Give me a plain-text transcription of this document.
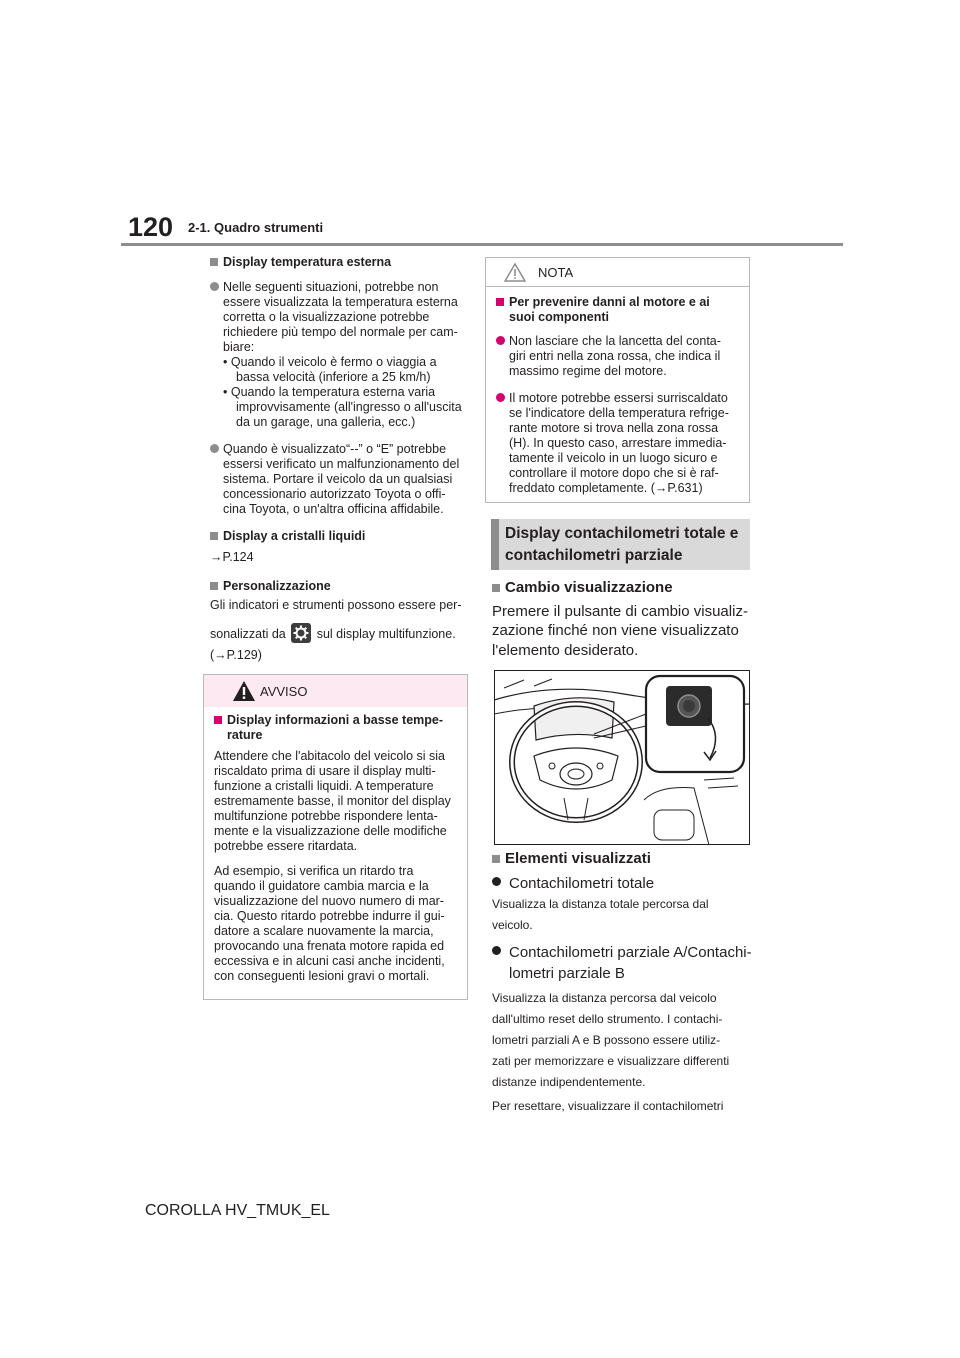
120 2-1. Quadro strumenti

Display temperatura esterna

Nelle seguenti situazioni, potrebbe non
essere visualizzata la temperatura esterna
corretta o la visualizzazione potrebbe
richiedere più tempo del normale per cam-
biare:
• Quando il veicolo è fermo o viaggia a
bassa velocità (inferiore a 25 km/h)
• Quando la temperatura esterna varia
improvvisamente (all'ingresso o all'uscita
da un garage, una galleria, ecc.)
Quando è visualizzato“--” o “E” potrebbe
essersi verificato un malfunzionamento del
sistema. Portare il veicolo da un qualsiasi
concessionario autorizzato Toyota o offi-
cina Toyota, o un'altra officina affidabile.

Display a cristalli liquidi

→P.124

Personalizzazione

Gli indicatori e strumenti possono essere per-

sonalizzati da sul display multifunzione.

(→P.129)

AVVISO
Display informazioni a basse tempe-
rature
Attendere che l'abitacolo del veicolo si sia
riscaldato prima di usare il display multi-
funzione a cristalli liquidi. A temperature
estremamente basse, il monitor del display
multifunzione potrebbe rispondere lenta-
mente e la visualizzazione delle modifiche
potrebbe essere ritardata.
Ad esempio, si verifica un ritardo tra
quando il guidatore cambia marcia e la
visualizzazione del nuovo numero di mar-
cia. Questo ritardo potrebbe indurre il gui-
datore a scalare nuovamente la marcia,
provocando una frenata motore rapida ed
eccessiva e in alcuni casi anche incidenti,
con conseguenti lesioni gravi o mortali.
NOTA
Per prevenire danni al motore e ai
suoi componenti
Non lasciare che la lancetta del conta-
giri entri nella zona rossa, che indica il
massimo regime del motore.
Il motore potrebbe essersi surriscaldato
se l'indicatore della temperatura refrige-
rante motore si trova nella zona rossa
(H). In questo caso, arrestare immedia-
tamente il veicolo in un luogo sicuro e
controllare il motore dopo che si è raf-
freddato completamente. (→P.631)
Display contachilometri totale e
contachilometri parziale

Cambio visualizzazione

Premere il pulsante di cambio visualiz-
zazione finché non viene visualizzato
l'elemento desiderato.

Elementi visualizzati

Contachilometri totale
Visualizza la distanza totale percorsa dal
veicolo.
Contachilometri parziale A/Contachi-
lometri parziale B
Visualizza la distanza percorsa dal veicolo
dall'ultimo reset dello strumento. I contachi-
lometri parziali A e B possono essere utiliz-
zati per memorizzare e visualizzare differenti
distanze indipendentemente.
Per resettare, visualizzare il contachilometri
COROLLA HV_TMUK_EL
